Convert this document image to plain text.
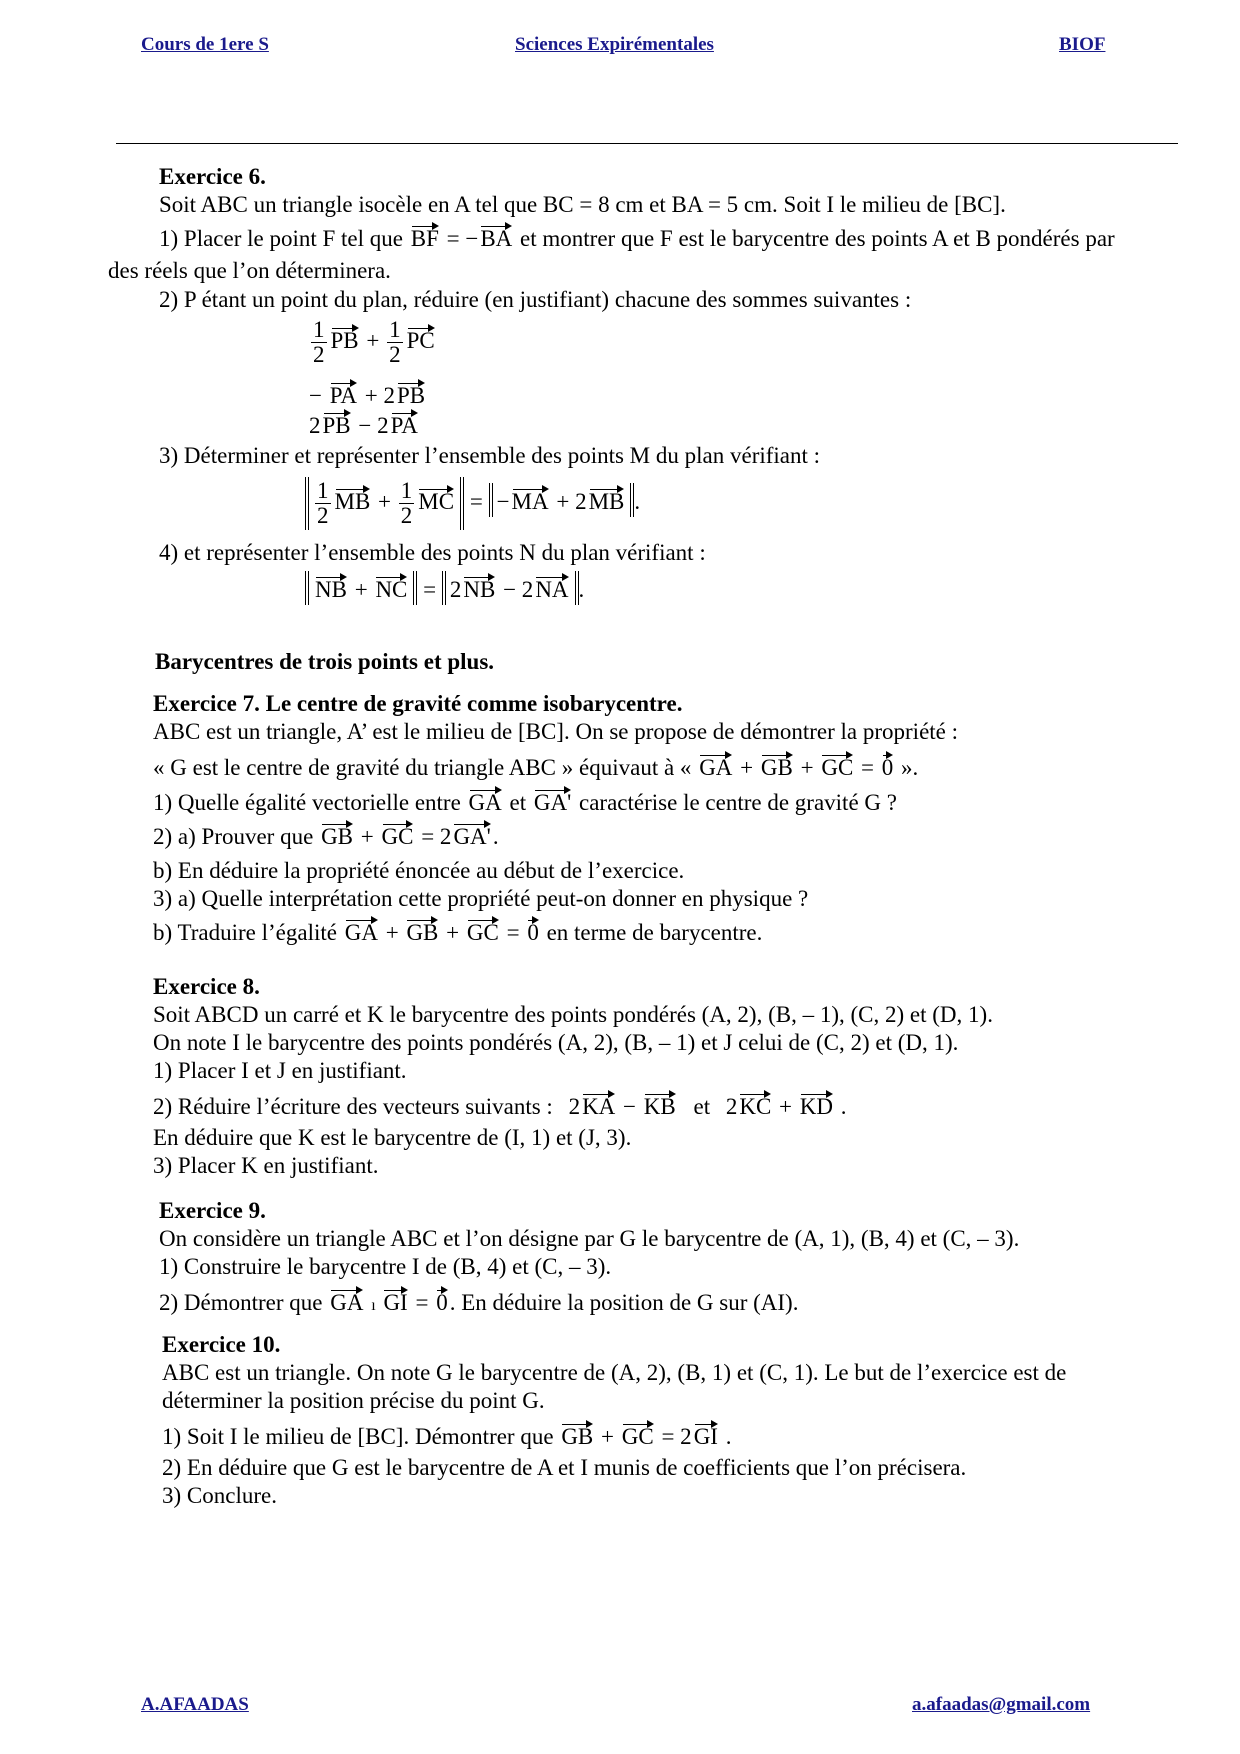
Cours de 1ere S	Sciences Expirémentales	BIOF
Exercice 6.
Soit ABC un triangle isocèle en A tel que BC = 8 cm et BA = 5 cm. Soit I le milieu de [BC].
1) Placer le point F tel que BF = −BA et montrer que F est le barycentre des points A et B pondérés par
des réels que l’on déterminera.
2) P étant un point du plan, réduire (en justifiant) chacune des sommes suivantes :
$\frac{1}{2}$ PB + $\frac{1}{2}$ PC
− PA + 2PB
2PB − 2PA
3) Déterminer et représenter l’ensemble des points M du plan vérifiant :
$\frac{1}{2}$ MB + $\frac{1}{2}$ MC = −MA + 2MB .
4) et représenter l’ensemble des points N du plan vérifiant :
NB + NC = 2NB − 2NA .
Barycentres de trois points et plus.
Exercice 7. Le centre de gravité comme isobarycentre.
ABC est un triangle, A’ est le milieu de [BC]. On se propose de démontrer la propriété :
« G est le centre de gravité du triangle ABC » équivaut à « GA + GB + GC = 0 ».
1) Quelle égalité vectorielle entre GA et GA' caractérise le centre de gravité G ?
2) a) Prouver que GB + GC = 2GA'.
b) En déduire la propriété énoncée au début de l’exercice.
3) a) Quelle interprétation cette propriété peut-on donner en physique ?
b) Traduire l’égalité GA + GB + GC = 0 en terme de barycentre.
Exercice 8.
Soit ABCD un carré et K le barycentre des points pondérés (A, 2), (B, – 1), (C, 2) et (D, 1).
On note I le barycentre des points pondérés (A, 2), (B, – 1) et J celui de (C, 2) et (D, 1).
1) Placer I et J en justifiant.
2) Réduire l’écriture des vecteurs suivants : 2KA − KB et 2KC + KD .
En déduire que K est le barycentre de (I, 1) et (J, 3).
3) Placer K en justifiant.
Exercice 9.
On considère un triangle ABC et l’on désigne par G le barycentre de (A, 1), (B, 4) et (C, – 3).
1) Construire le barycentre I de (B, 4) et (C, – 3).
2) Démontrer que GA ı GI = 0. En déduire la position de G sur (AI).
Exercice 10.
ABC est un triangle. On note G le barycentre de (A, 2), (B, 1) et (C, 1). Le but de l’exercice est de
déterminer la position précise du point G.
1) Soit I le milieu de [BC]. Démontrer que GB + GC = 2GI .
2) En déduire que G est le barycentre de A et I munis de coefficients que l’on précisera.
3) Conclure.
A.AFAADAS	a.afaadas@gmail.com
